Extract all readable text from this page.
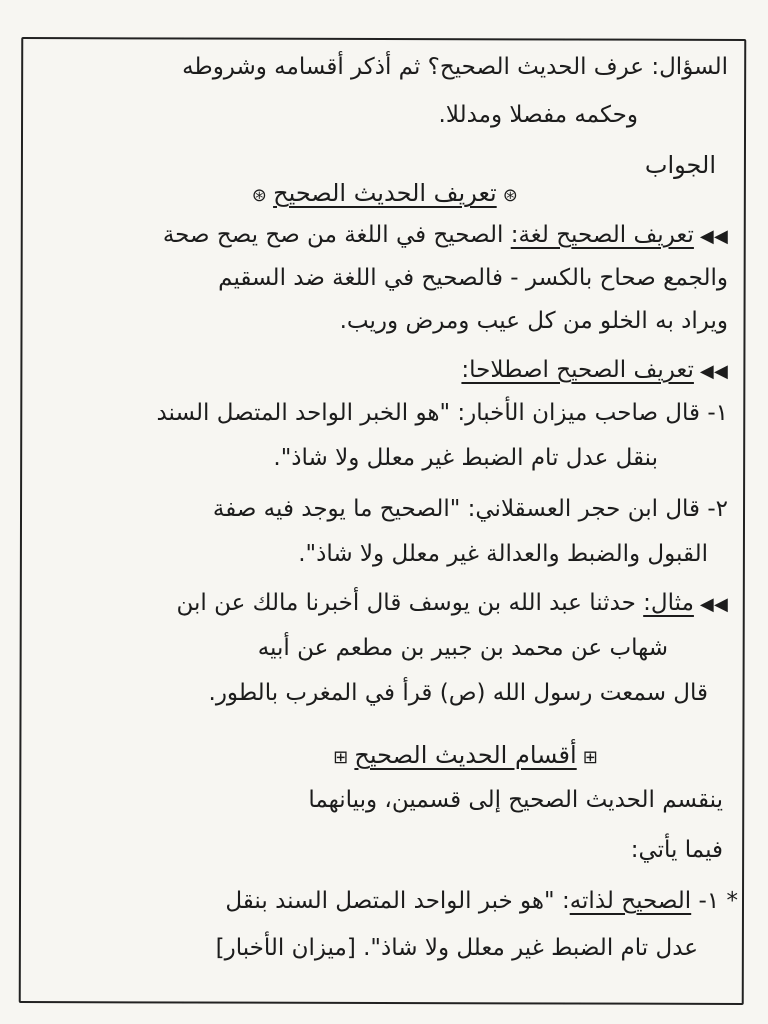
السؤال: عرف الحديث الصحيح؟ ثم أذكر أقسامه وشروطه
وحكمه مفصلا ومدللا.
الجواب
⊛تعريف الحديث الصحيح⊛
◀◀تعريف الصحيح لغة: الصحيح في اللغة من صح يصح صحة
والجمع صحاح بالكسر - فالصحيح في اللغة ضد السقيم
ويراد به الخلو من كل عيب ومرض وريب.
◀◀تعريف الصحيح اصطلاحا:
١- قال صاحب ميزان الأخبار: "هو الخبر الواحد المتصل السند
بنقل عدل تام الضبط غير معلل ولا شاذ".
٢- قال ابن حجر العسقلاني: "الصحيح ما يوجد فيه صفة
القبول والضبط والعدالة غير معلل ولا شاذ".
◀◀مثال: حدثنا عبد الله بن يوسف قال أخبرنا مالك عن ابن
شهاب عن محمد بن جبير بن مطعم عن أبيه
قال سمعت رسول الله (ص) قرأ في المغرب بالطور.
⊞أقسام الحديث الصحيح⊞
ينقسم الحديث الصحيح إلى قسمين، وبيانهما
فيما يأتي:
* ١- الصحيح لذاته: "هو خبر الواحد المتصل السند بنقل
عدل تام الضبط غير معلل ولا شاذ". [ميزان الأخبار]
